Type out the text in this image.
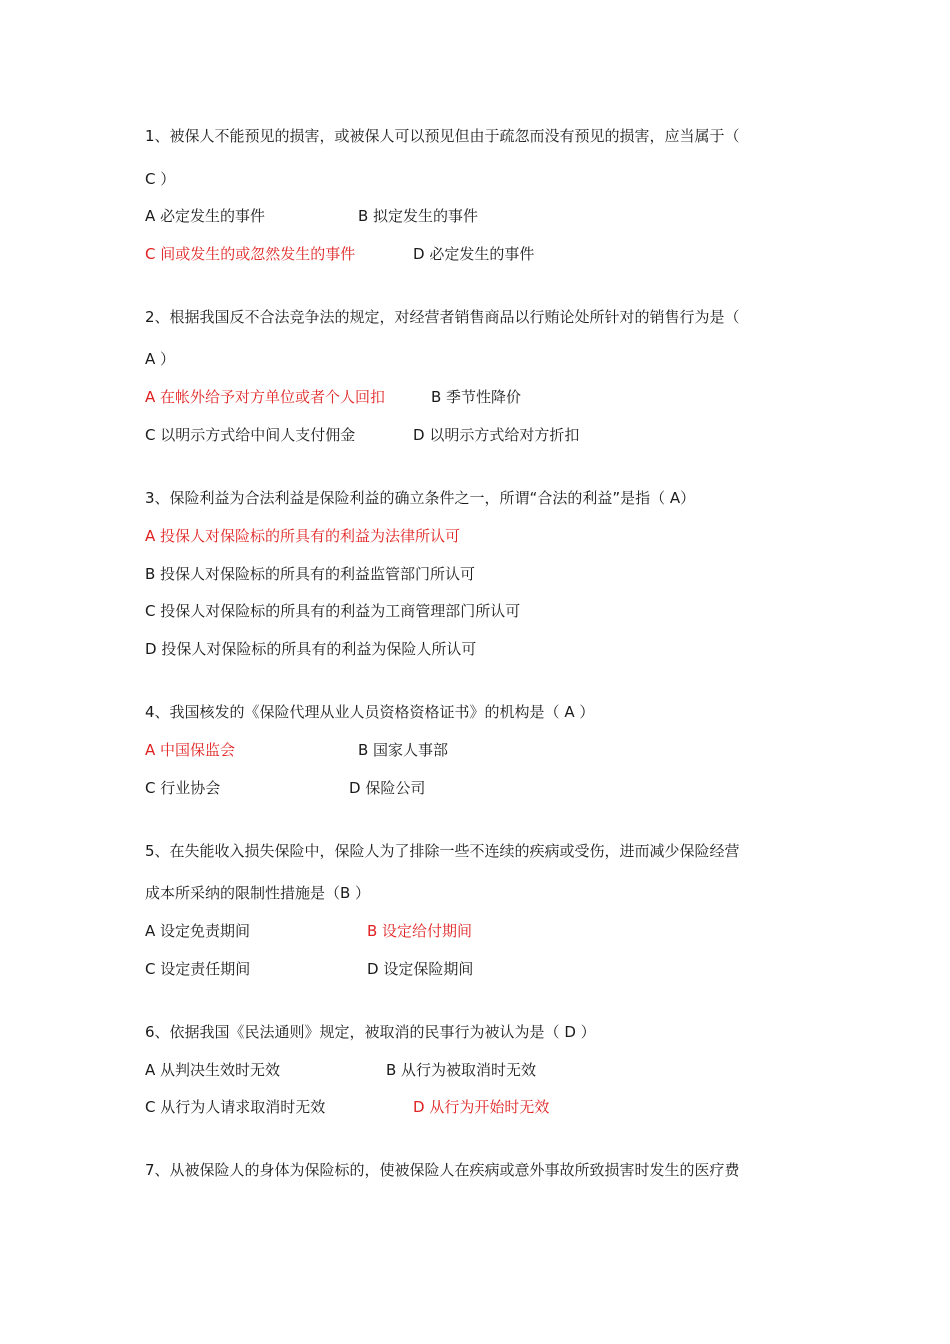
1、被保人不能预见的损害，或被保人可以预见但由于疏忽而没有预见的损害，应当属于（
C ）
A 必定发生的事件	B 拟定发生的事件
C 间或发生的或忽然发生的事件	D 必定发生的事件
2、根据我国反不合法竞争法的规定，对经营者销售商品以行贿论处所针对的销售行为是（
A ）
A 在帐外给予对方单位或者个人回扣	B 季节性降价
C 以明示方式给中间人支付佣金	D 以明示方式给对方折扣
3、保险利益为合法利益是保险利益的确立条件之一，所谓“合法的利益”是指（ A）
A 投保人对保险标的所具有的利益为法律所认可
B 投保人对保险标的所具有的利益监管部门所认可
C 投保人对保险标的所具有的利益为工商管理部门所认可
D 投保人对保险标的所具有的利益为保险人所认可
4、我国核发的《保险代理从业人员资格资格证书》的机构是（ A ）
A 中国保监会	B 国家人事部
C 行业协会	D 保险公司
5、在失能收入损失保险中，保险人为了排除一些不连续的疾病或受伤，进而减少保险经营
成本所采纳的限制性措施是（B ）
A 设定免责期间	B 设定给付期间
C 设定责任期间	D 设定保险期间
6、依据我国《民法通则》规定，被取消的民事行为被认为是（ D ）
A 从判决生效时无效	B 从行为被取消时无效
C 从行为人请求取消时无效	D 从行为开始时无效
7、从被保险人的身体为保险标的，使被保险人在疾病或意外事故所致损害时发生的医疗费
